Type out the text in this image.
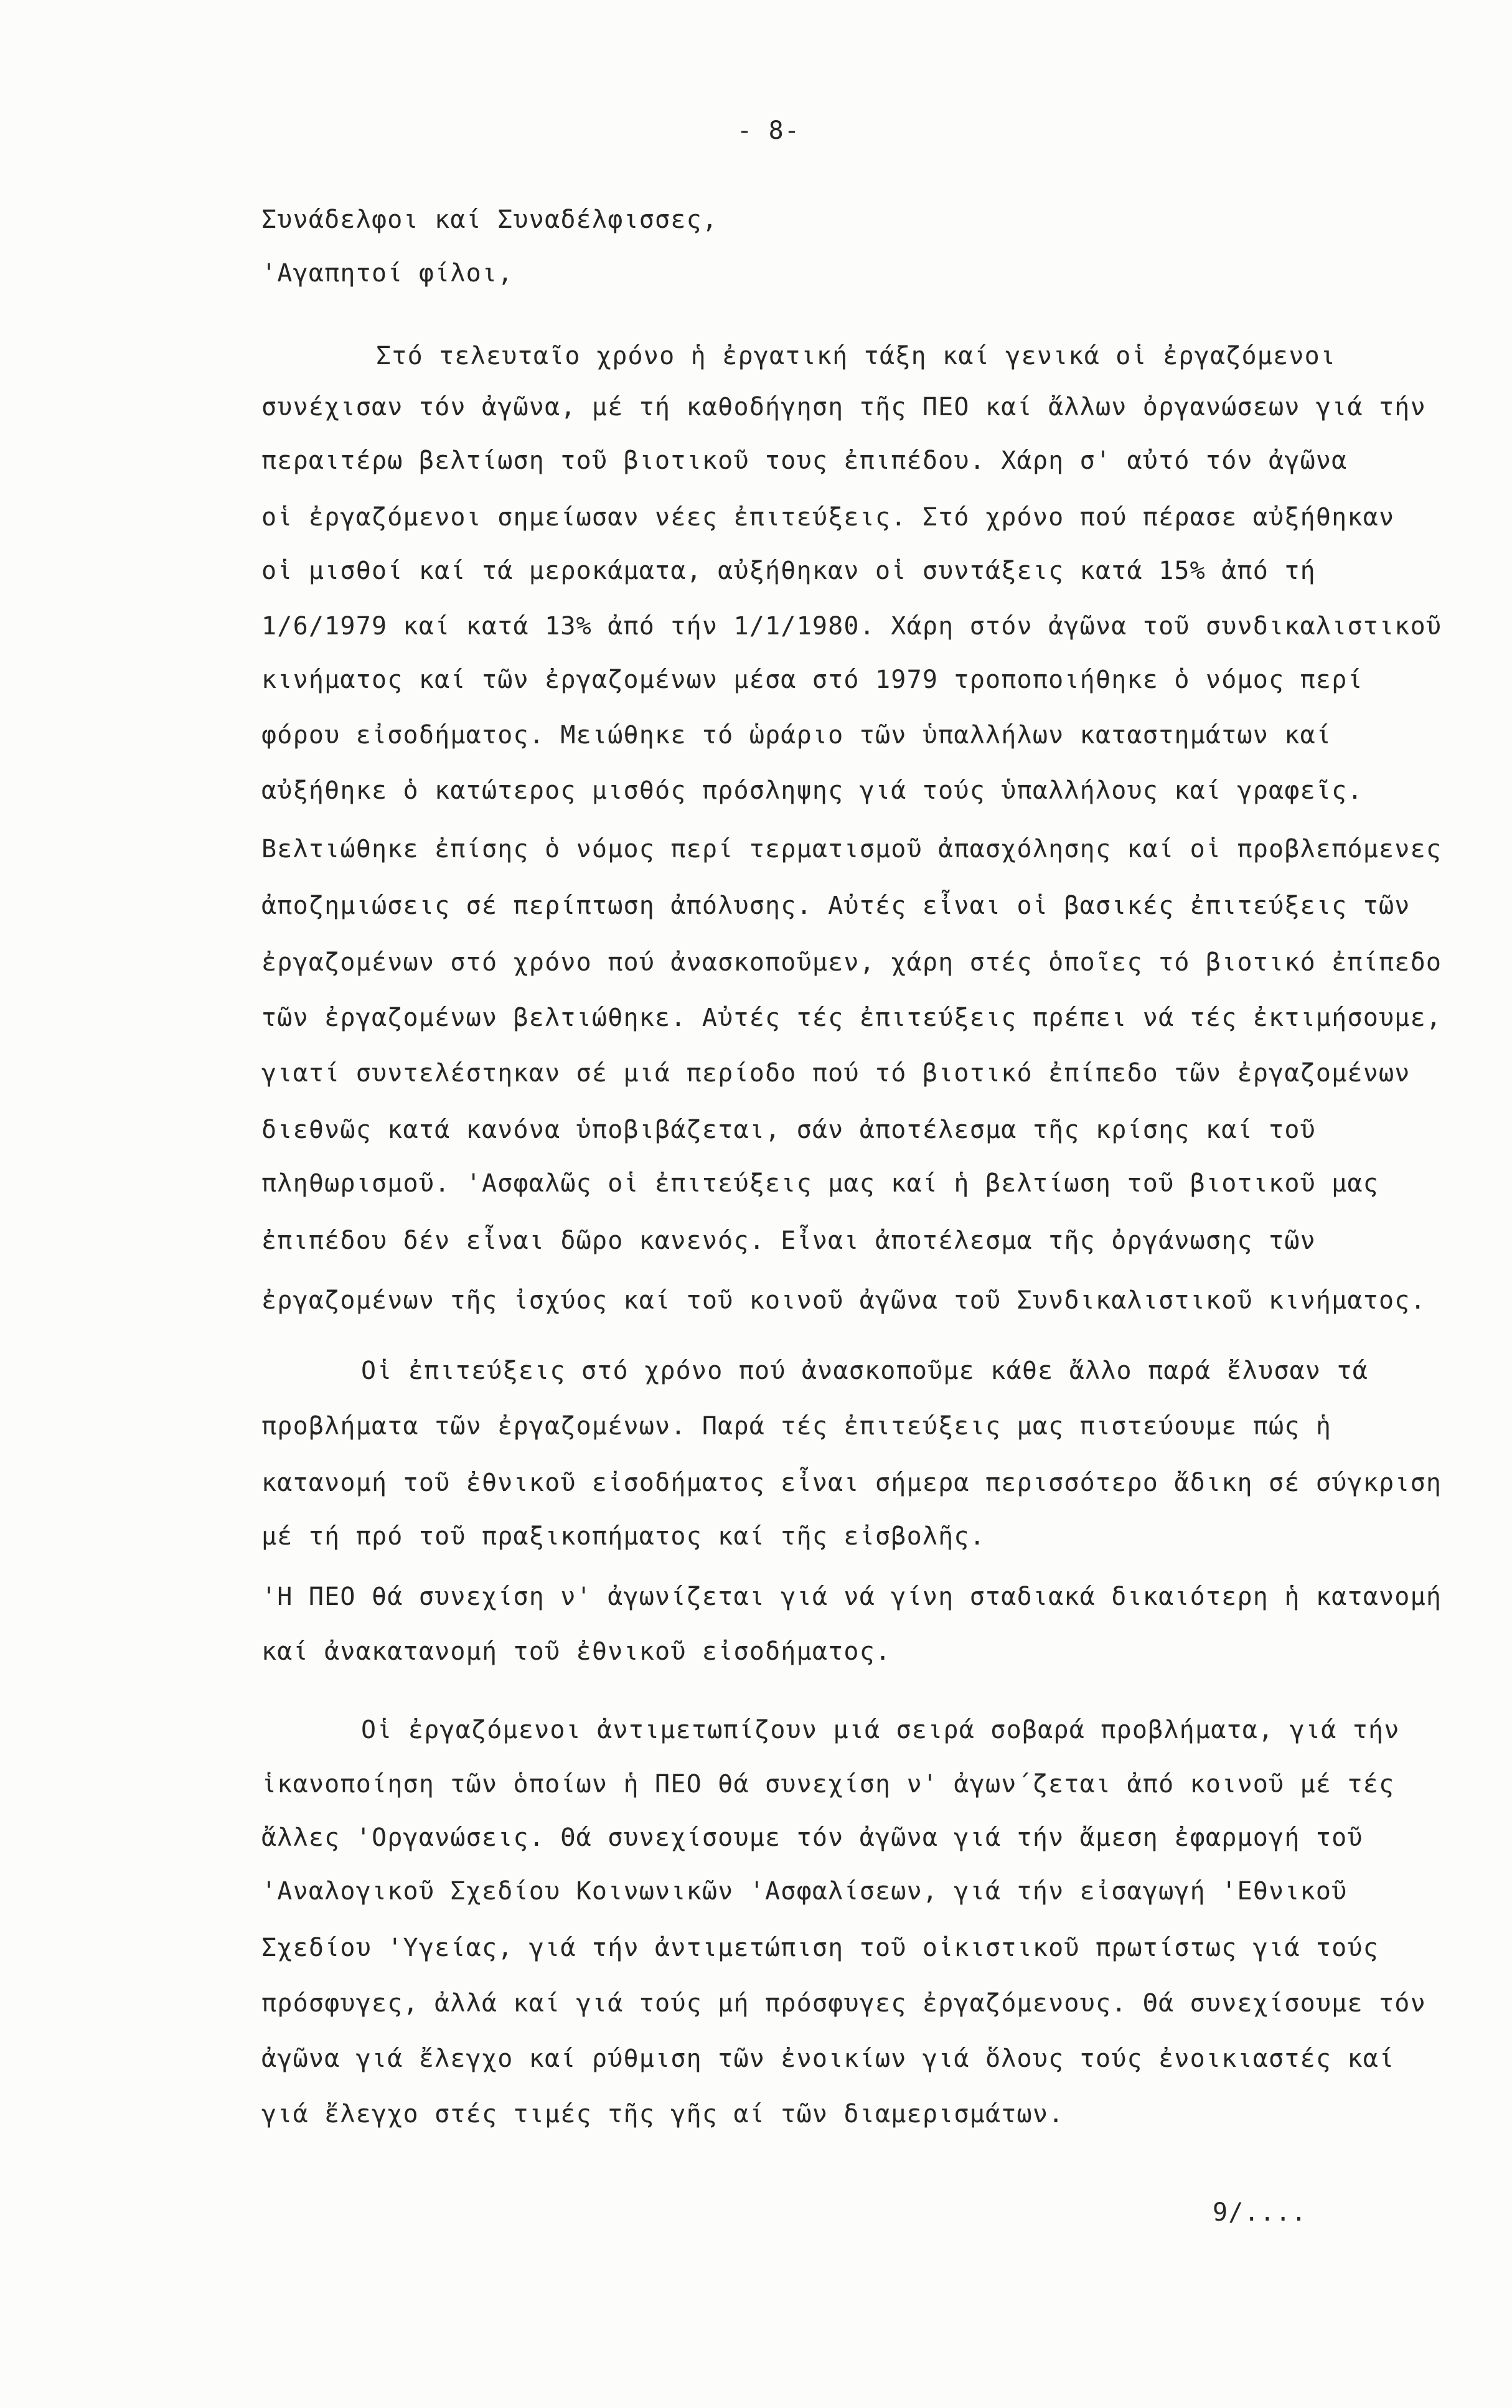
- 8-
Συνάδελφοι καί Συναδέλφισσες,
'Αγαπητοί φίλοι,
Στό τελευταῖο χρόνο ἡ ἐργατική τάξη καί γενικά οἱ ἐργαζόμενοι
συνέχισαν τόν ἀγῶνα, μέ τή καθοδήγηση τῆς ΠΕΟ καί ἄλλων ὀργανώσεων γιά τήν
περαιτέρω βελτίωση τοῦ βιοτικοῦ τους ἐπιπέδου. Χάρη σ' αὐτό τόν ἀγῶνα
οἱ ἐργαζόμενοι σημείωσαν νέες ἐπιτεύξεις. Στό χρόνο πού πέρασε αὐξήθηκαν
οἱ μισθοί καί τά μεροκάματα, αὐξήθηκαν οἱ συντάξεις κατά 15% ἀπό τή
1/6/1979 καί κατά 13% ἀπό τήν 1/1/1980. Χάρη στόν ἀγῶνα τοῦ συνδικαλιστικοῦ
κινήματος καί τῶν ἐργαζομένων μέσα στό 1979 τροποποιήθηκε ὁ νόμος περί
φόρου εἰσοδήματος. Μειώθηκε τό ὡράριο τῶν ὑπαλλήλων καταστημάτων καί
αὐξήθηκε ὁ κατώτερος μισθός πρόσληψης γιά τούς ὑπαλλήλους καί γραφεῖς.
Βελτιώθηκε ἐπίσης ὁ νόμος περί τερματισμοῦ ἀπασχόλησης καί οἱ προβλεπόμενες
ἀποζημιώσεις σέ περίπτωση ἀπόλυσης. Αὐτές εἶναι οἱ βασικές ἐπιτεύξεις τῶν
ἐργαζομένων στό χρόνο πού ἀνασκοποῦμεν, χάρη στές ὁποῖες τό βιοτικό ἐπίπεδο
τῶν ἐργαζομένων βελτιώθηκε. Αὐτές τές ἐπιτεύξεις πρέπει νά τές ἐκτιμήσουμε,
γιατί συντελέστηκαν σέ μιά περίοδο πού τό βιοτικό ἐπίπεδο τῶν ἐργαζομένων
διεθνῶς κατά κανόνα ὑποβιβάζεται, σάν ἀποτέλεσμα τῆς κρίσης καί τοῦ
πληθωρισμοῦ. 'Ασφαλῶς οἱ ἐπιτεύξεις μας καί ἡ βελτίωση τοῦ βιοτικοῦ μας
ἐπιπέδου δέν εἶναι δῶρο κανενός. Εἶναι ἀποτέλεσμα τῆς ὀργάνωσης τῶν
ἐργαζομένων τῆς ἰσχύος καί τοῦ κοινοῦ ἀγῶνα τοῦ Συνδικαλιστικοῦ κινήματος.
Οἱ ἐπιτεύξεις στό χρόνο πού ἀνασκοποῦμε κάθε ἄλλο παρά ἔλυσαν τά
προβλήματα τῶν ἐργαζομένων. Παρά τές ἐπιτεύξεις μας πιστεύουμε πώς ἡ
κατανομή τοῦ ἐθνικοῦ εἰσοδήματος εἶναι σήμερα περισσότερο ἄδικη σέ σύγκριση
μέ τή πρό τοῦ πραξικοπήματος καί τῆς εἰσβολῆς.
'Η ΠΕΟ θά συνεχίση ν' ἀγωνίζεται γιά νά γίνη σταδιακά δικαιότερη ἡ κατανομή
καί ἀνακατανομή τοῦ ἐθνικοῦ εἰσοδήματος.
Οἱ ἐργαζόμενοι ἀντιμετωπίζουν μιά σειρά σοβαρά προβλήματα, γιά τήν
ἱκανοποίηση τῶν ὁποίων ἡ ΠΕΟ θά συνεχίση ν' ἀγων΄ζεται ἀπό κοινοῦ μέ τές
ἄλλες 'Οργανώσεις. Θά συνεχίσουμε τόν ἀγῶνα γιά τήν ἄμεση ἐφαρμογή τοῦ
'Αναλογικοῦ Σχεδίου Κοινωνικῶν 'Ασφαλίσεων, γιά τήν εἰσαγωγή 'Εθνικοῦ
Σχεδίου 'Υγείας, γιά τήν ἀντιμετώπιση τοῦ οἰκιστικοῦ πρωτίστως γιά τούς
πρόσφυγες, ἀλλά καί γιά τούς μή πρόσφυγες ἐργαζόμενους. Θά συνεχίσουμε τόν
ἀγῶνα γιά ἔλεγχο καί ρύθμιση τῶν ἐνοικίων γιά ὅλους τούς ἐνοικιαστές καί
γιά ἔλεγχο στές τιμές τῆς γῆς αί τῶν διαμερισμάτων.
9/....
